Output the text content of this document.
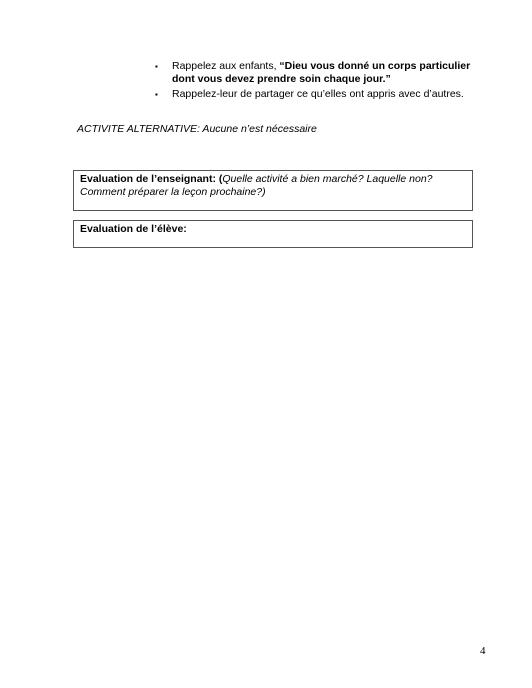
▪ Rappelez aux enfants, “Dieu vous donné un corps particulier dont vous devez prendre soin chaque jour.”
▪ Rappelez-leur de partager ce qu’elles ont appris avec d’autres.
ACTIVITE ALTERNATIVE: Aucune n’est nécessaire
Evaluation de l’enseignant: (Quelle activité a bien marché? Laquelle non? Comment préparer la leçon prochaine?)
Evaluation de l’élève:
4
